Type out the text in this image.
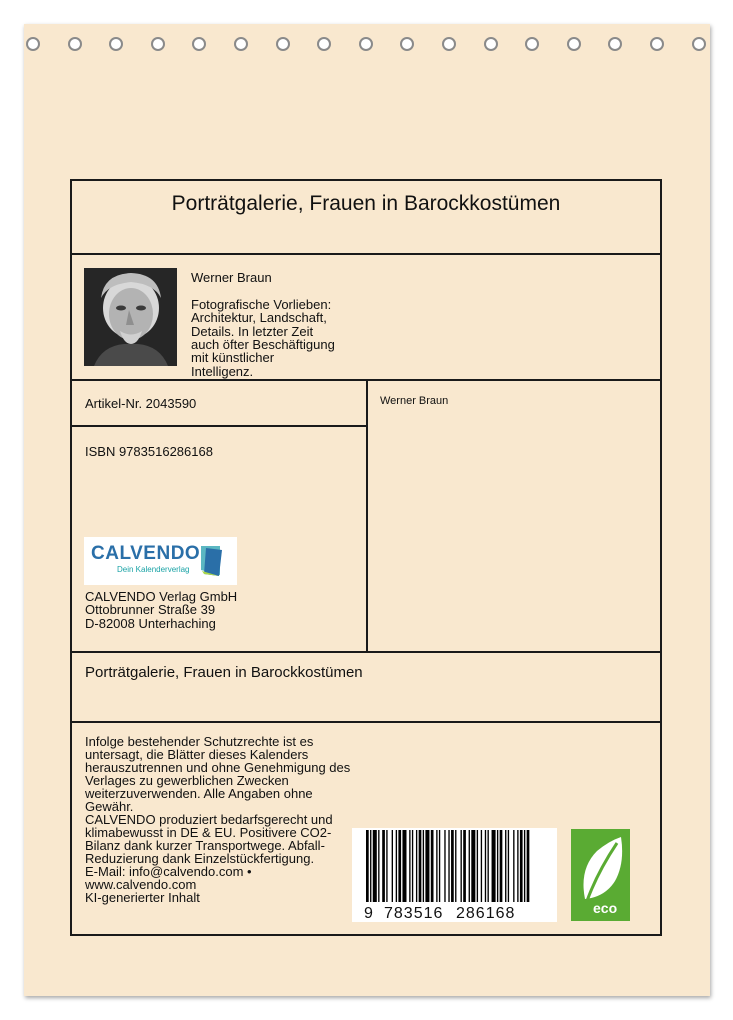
Porträtgalerie, Frauen in Barockkostümen
Werner Braun
Fotografische Vorlieben:
Architektur, Landschaft,
Details. In letzter Zeit
auch öfter Beschäftigung
mit künstlicher
Intelligenz.
Artikel-Nr. 2043590	Werner Braun
ISBN 9783516286168
CALVENDO
Dein Kalenderverlag
CALVENDO Verlag GmbH
Ottobrunner Straße 39
D-82008 Unterhaching
Porträtgalerie, Frauen in Barockkostümen
Infolge bestehender Schutzrechte ist es
untersagt, die Blätter dieses Kalenders
herauszutrennen und ohne Genehmigung des
Verlages zu gewerblichen Zwecken
weiterzuverwenden. Alle Angaben ohne
Gewähr.
CALVENDO produziert bedarfsgerecht und
klimabewusst in DE & EU. Positivere CO2-
Bilanz dank kurzer Transportwege. Abfall-
Reduzierung dank Einzelstückfertigung.
E-Mail: info@calvendo.com •
www.calvendo.com
KI-generierter Inhalt
9 783516 286168	eco
